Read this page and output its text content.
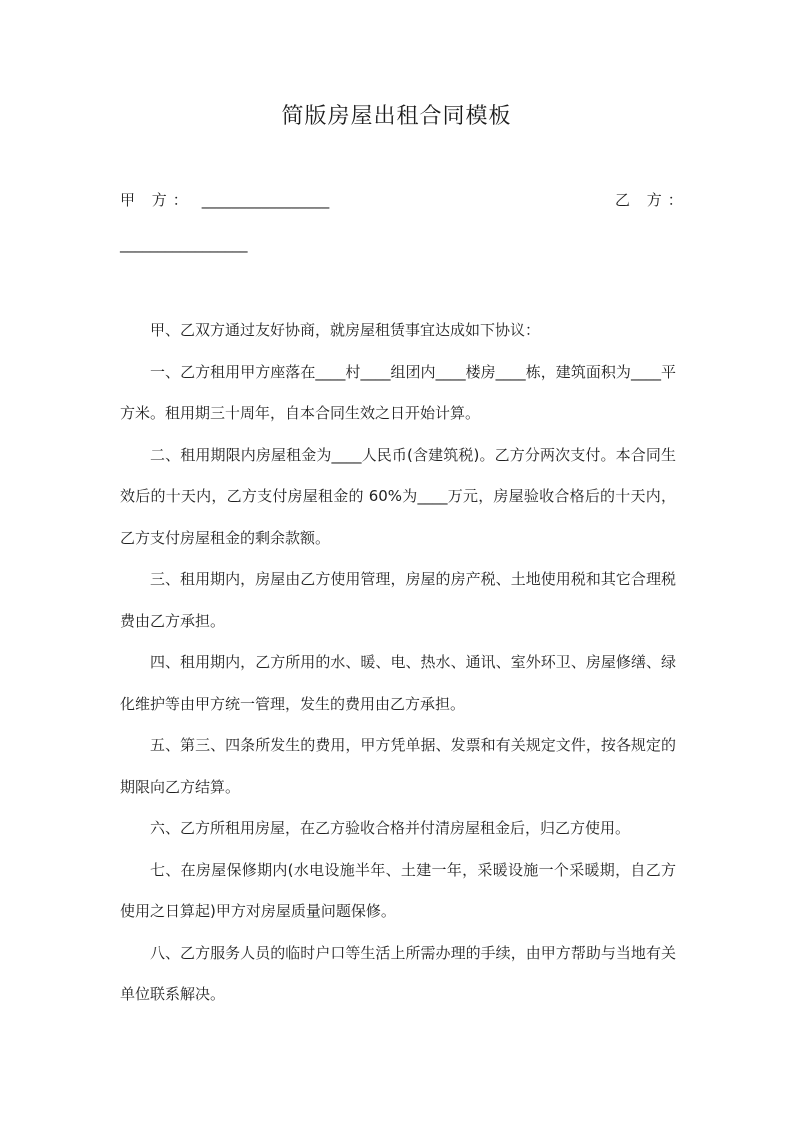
简版房屋出租合同模板
甲 方： _________________	乙 方：
_________________

甲、乙双方通过友好协商，就房屋租赁事宜达成如下协议：

一、乙方租用甲方座落在____村____组团内____楼房____栋，建筑面积为____平方米。租用期三十周年，自本合同生效之日开始计算。

二、租用期限内房屋租金为____人民币(含建筑税)。乙方分两次支付。本合同生效后的十天内，乙方支付房屋租金的 60%为____万元，房屋验收合格后的十天内，乙方支付房屋租金的剩余款额。

三、租用期内，房屋由乙方使用管理，房屋的房产税、土地使用税和其它合理税费由乙方承担。

四、租用期内，乙方所用的水、暖、电、热水、通讯、室外环卫、房屋修缮、绿化维护等由甲方统一管理，发生的费用由乙方承担。

五、第三、四条所发生的费用，甲方凭单据、发票和有关规定文件，按各规定的期限向乙方结算。

六、乙方所租用房屋，在乙方验收合格并付清房屋租金后，归乙方使用。

七、在房屋保修期内(水电设施半年、土建一年，采暖设施一个采暖期，自乙方使用之日算起)甲方对房屋质量问题保修。

八、乙方服务人员的临时户口等生活上所需办理的手续，由甲方帮助与当地有关单位联系解决。
